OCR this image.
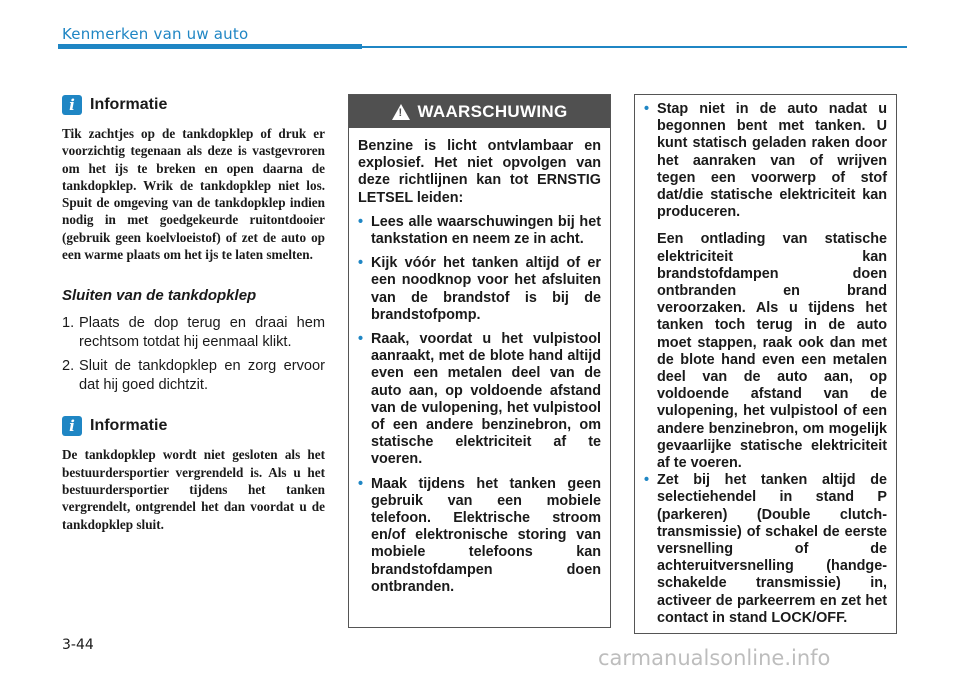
Kenmerken van uw auto
i Informatie

Tik zachtjes op de tankdopklep of druk er voorzichtig tegenaan als deze is vastgevroren om het ijs te breken en open daarna de tankdopklep. Wrik de tankdopklep niet los. Spuit de omgeving van de tankdopklep indien nodig in met goedgekeurde ruitontdooier (gebruik geen koelvloeistof) of zet de auto op een warme plaats om het ijs te laten smelten.

Sluiten van de tankdopklep
1. Plaats de dop terug en draai hem rechtsom totdat hij eenmaal klikt.
2. Sluit de tankdopklep en zorg ervoor dat hij goed dichtzit.
i Informatie

De tankdopklep wordt niet gesloten als het bestuurdersportier vergrendeld is. Als u het bestuurdersportier tijdens het tanken vergrendelt, ontgrendel het dan voordat u de tankdopklep sluit.

!
WAARSCHUWING

Benzine is licht ontvlambaar en explosief. Het niet opvolgen van deze richtlijnen kan tot ERNSTIG LETSEL leiden:

• Lees alle waarschuwingen bij het tankstation en neem ze in acht.
• Kijk vóór het tanken altijd of er een noodknop voor het afsluiten van de brandstof is bij de brandstofpomp.
• Raak, voordat u het vulpistool aanraakt, met de blote hand altijd even een metalen deel van de auto aan, op voldoende afstand van de vulopening, het vulpistool of een andere benzinebron, om statische elektriciteit af te voeren.
• Maak tijdens het tanken geen gebruik van een mobiele telefoon. Elektrische stroom en/of elektronische storing van mobiele telefoons kan brandstofdampen doen ontbranden.
• Stap niet in de auto nadat u begonnen bent met tanken. U kunt statisch geladen raken door het aanraken van of wrijven tegen een voorwerp of stof dat/die statische elektriciteit kan produceren.

Een ontlading van statische elektriciteit kan brandstofdampen doen ontbranden en brand veroorzaken. Als u tijdens het tanken toch terug in de auto moet stappen, raak ook dan met de blote hand even een metalen deel van de auto aan, op voldoende afstand van de vulopening, het vulpistool of een andere benzinebron, om mogelijk gevaarlijke statische elektriciteit af te voeren.

• Zet bij het tanken altijd de selectiehendel in stand P (parkeren) (Double clutch-transmissie) of schakel de eerste versnelling of de achteruitversnelling (handge-schakelde transmissie) in, activeer de parkeerrem en zet het contact in stand LOCK/OFF.
3-44
carmanualsonline.info
